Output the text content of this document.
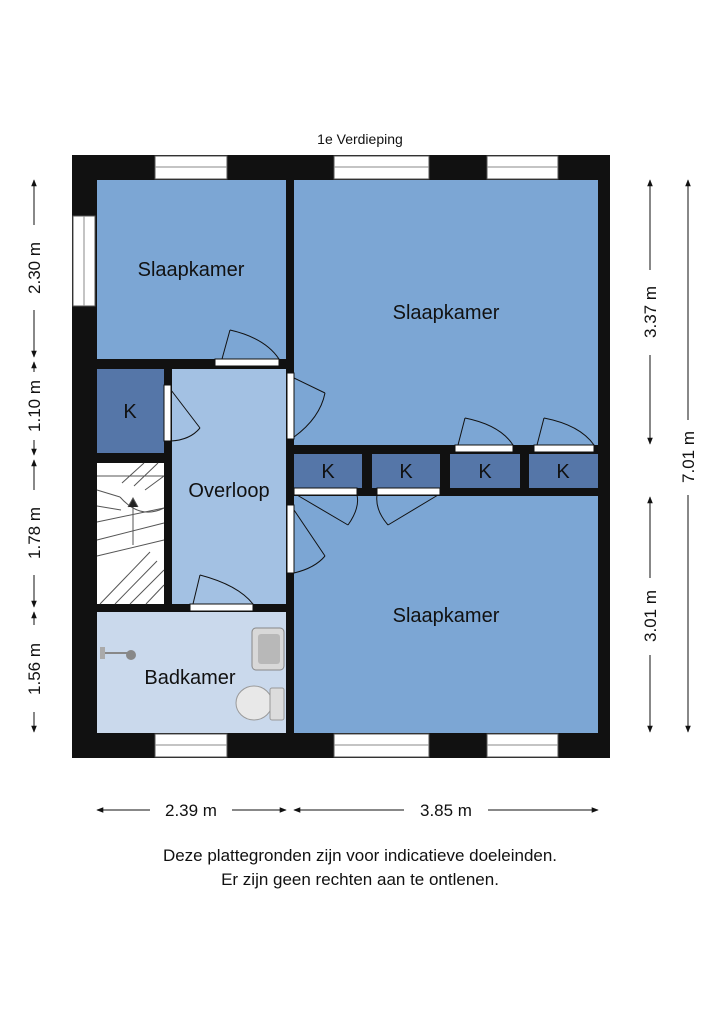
1e Verdieping
Slaapkamer
Slaapkamer
Slaapkamer
Overloop
Badkamer
K
K	K	K	K
2.30 m
1.10 m
1.78 m
1.56 m
3.37 m
3.01 m
7.01 m
2.39 m	3.85 m
Deze plattegronden zijn voor indicatieve doeleinden.
Er zijn geen rechten aan te ontlenen.
